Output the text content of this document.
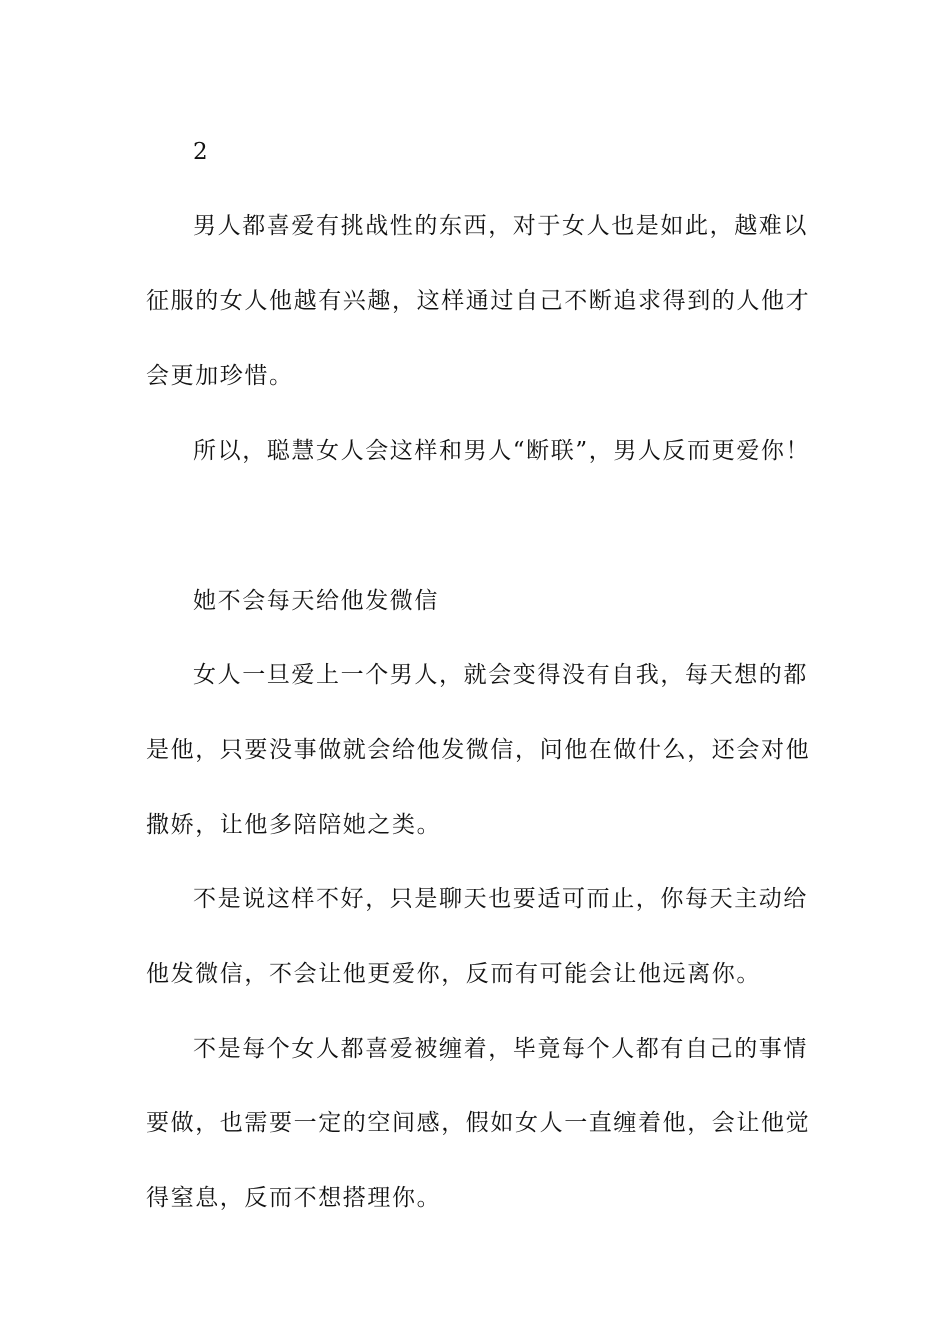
2
男人都喜爱有挑战性的东西，对于女人也是如此，越难以
征服的女人他越有兴趣，这样通过自己不断追求得到的人他才
会更加珍惜。
所以，聪慧女人会这样和男人“断联”，男人反而更爱你！
她不会每天给他发微信
女人一旦爱上一个男人，就会变得没有自我，每天想的都
是他，只要没事做就会给他发微信，问他在做什么，还会对他
撒娇，让他多陪陪她之类。
不是说这样不好，只是聊天也要适可而止，你每天主动给
他发微信，不会让他更爱你，反而有可能会让他远离你。
不是每个女人都喜爱被缠着，毕竟每个人都有自己的事情
要做，也需要一定的空间感，假如女人一直缠着他，会让他觉
得窒息，反而不想搭理你。
